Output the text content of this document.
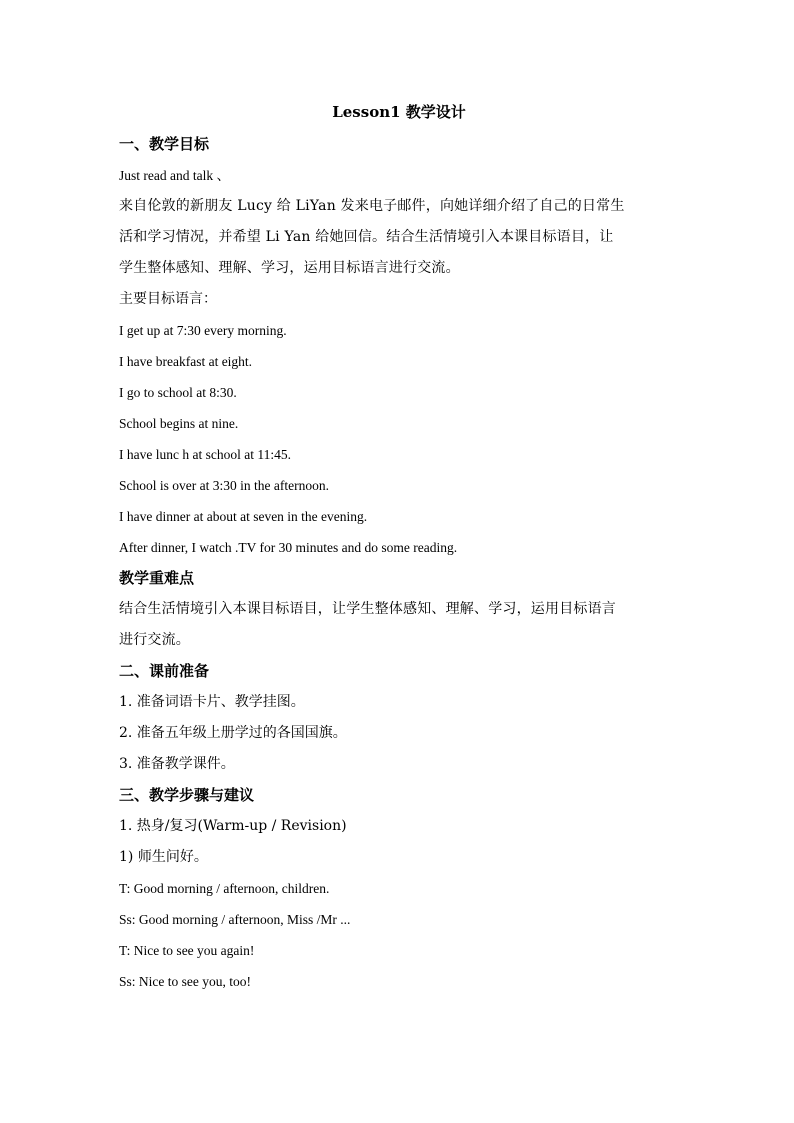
Lesson1 教学设计
一、教学目标
Just read and talk 、
来自伦敦的新朋友 Lucy 给 LiYan 发来电子邮件，向她详细介绍了自己的日常生
活和学习情况，并希望 Li Yan 给她回信。结合生活情境引入本课目标语目，让
学生整体感知、理解、学习，运用目标语言进行交流。
主要目标语言：
I get up at 7:30 every morning.
I have breakfast at eight.
I go to school at 8:30.
School begins at nine.
I have lunc h at school at 11:45.
School is over at 3:30 in the afternoon.
I have dinner at about at seven in the evening.
After dinner, I watch .TV for 30 minutes and do some reading.
教学重难点
结合生活情境引入本课目标语目，让学生整体感知、理解、学习，运用目标语言
进行交流。
二、课前准备
1. 准备词语卡片、教学挂图。
2. 准备五年级上册学过的各国国旗。
3. 准备教学课件。
三、教学步骤与建议
1. 热身/复习(Warm-up / Revision)
1) 师生问好。
T: Good morning / afternoon, children.
Ss: Good morning / afternoon, Miss /Mr ...
T: Nice to see you again!
Ss: Nice to see you, too!
